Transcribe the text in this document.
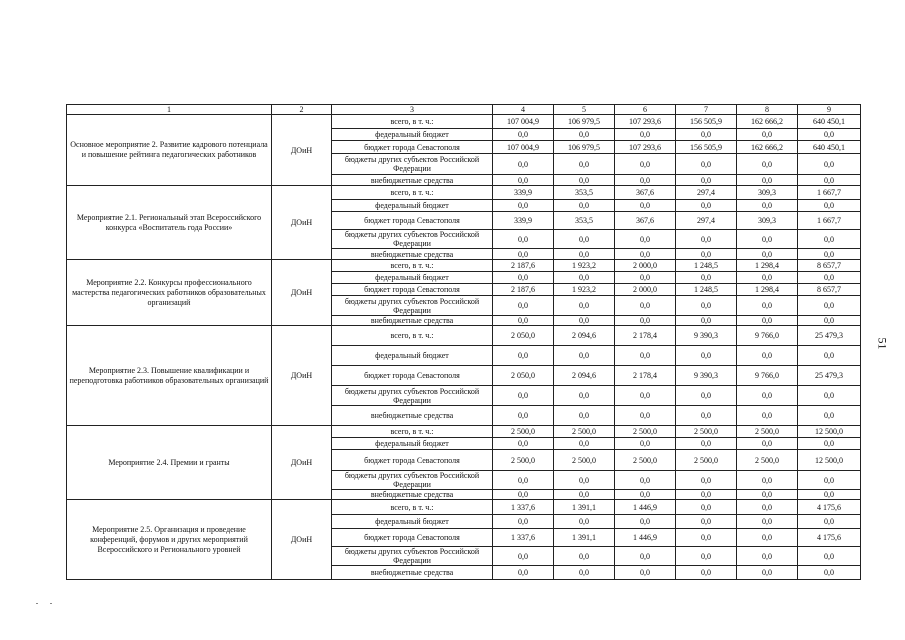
1	2	3	4	5	6	7	8	9
Основное мероприятие 2. Развитие кадрового потенциала и повышение рейтинга педагогических работников	ДОиН	всего, в т. ч.:	107 004,9	106 979,5	107 293,6	156 505,9	162 666,2	640 450,1
		федеральный бюджет	0,0	0,0	0,0	0,0	0,0	0,0
		бюджет города Севастополя	107 004,9	106 979,5	107 293,6	156 505,9	162 666,2	640 450,1
		бюджеты других субъектов Российской Федерации	0,0	0,0	0,0	0,0	0,0	0,0
		внебюджетные средства	0,0	0,0	0,0	0,0	0,0	0,0
Мероприятие 2.1. Региональный этап Всероссийского конкурса «Воспитатель года России»	ДОиН	всего, в т. ч.:	339,9	353,5	367,6	297,4	309,3	1 667,7
		федеральный бюджет	0,0	0,0	0,0	0,0	0,0	0,0
		бюджет города Севастополя	339,9	353,5	367,6	297,4	309,3	1 667,7
		бюджеты других субъектов Российской Федерации	0,0	0,0	0,0	0,0	0,0	0,0
		внебюджетные средства	0,0	0,0	0,0	0,0	0,0	0,0
Мероприятие 2.2. Конкурсы профессионального мастерства педагогических работников образовательных организаций	ДОиН	всего, в т. ч.:	2 187,6	1 923,2	2 000,0	1 248,5	1 298,4	8 657,7
		федеральный бюджет	0,0	0,0	0,0	0,0	0,0	0,0
		бюджет города Севастополя	2 187,6	1 923,2	2 000,0	1 248,5	1 298,4	8 657,7
		бюджеты других субъектов Российской Федерации	0,0	0,0	0,0	0,0	0,0	0,0
		внебюджетные средства	0,0	0,0	0,0	0,0	0,0	0,0
Мероприятие 2.3. Повышение квалификации и переподготовка работников образовательных организаций	ДОиН	всего, в т. ч.:	2 050,0	2 094,6	2 178,4	9 390,3	9 766,0	25 479,3
		федеральный бюджет	0,0	0,0	0,0	0,0	0,0	0,0
		бюджет города Севастополя	2 050,0	2 094,6	2 178,4	9 390,3	9 766,0	25 479,3
		бюджеты других субъектов Российской Федерации	0,0	0,0	0,0	0,0	0,0	0,0
		внебюджетные средства	0,0	0,0	0,0	0,0	0,0	0,0
Мероприятие 2.4. Премии и гранты	ДОиН	всего, в т. ч.:	2 500,0	2 500,0	2 500,0	2 500,0	2 500,0	12 500,0
		федеральный бюджет	0,0	0,0	0,0	0,0	0,0	0,0
		бюджет города Севастополя	2 500,0	2 500,0	2 500,0	2 500,0	2 500,0	12 500,0
		бюджеты других субъектов Российской Федерации	0,0	0,0	0,0	0,0	0,0	0,0
		внебюджетные средства	0,0	0,0	0,0	0,0	0,0	0,0
Мероприятие 2.5. Организация и проведение конференций, форумов и других мероприятий Всероссийского и Регионального уровней	ДОиН	всего, в т. ч.:	1 337,6	1 391,1	1 446,9	0,0	0,0	4 175,6
		федеральный бюджет	0,0	0,0	0,0	0,0	0,0	0,0
		бюджет города Севастополя	1 337,6	1 391,1	1 446,9	0,0	0,0	4 175,6
		бюджеты других субъектов Российской Федерации	0,0	0,0	0,0	0,0	0,0	0,0
		внебюджетные средства	0,0	0,0	0,0	0,0	0,0	0,0
51
